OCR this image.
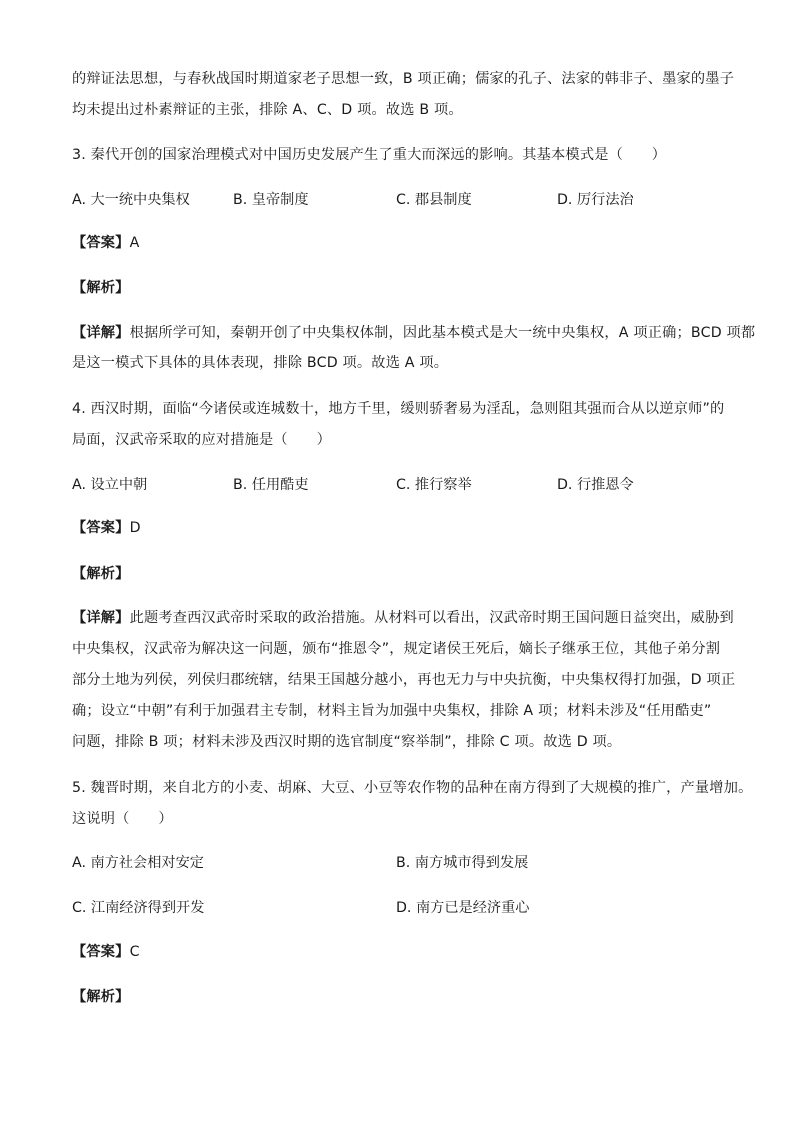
的辩证法思想，与春秋战国时期道家老子思想一致，B 项正确；儒家的孔子、法家的韩非子、墨家的墨子
均未提出过朴素辩证的主张，排除 A、C、D 项。故选 B 项。
3. 秦代开创的国家治理模式对中国历史发展产生了重大而深远的影响。其基本模式是（　　）
A. 大一统中央集权	B. 皇帝制度	C. 郡县制度	D. 厉行法治
【答案】A
【解析】
【详解】根据所学可知，秦朝开创了中央集权体制，因此基本模式是大一统中央集权，A 项正确；BCD 项都
是这一模式下具体的具体表现，排除 BCD 项。故选 A 项。
4. 西汉时期，面临“今诸侯或连城数十，地方千里，缓则骄奢易为淫乱，急则阻其强而合从以逆京师”的
局面，汉武帝采取的应对措施是（　　）
A. 设立中朝	B. 任用酷吏	C. 推行察举	D. 行推恩令
【答案】D
【解析】
【详解】此题考查西汉武帝时采取的政治措施。从材料可以看出，汉武帝时期王国问题日益突出，威胁到
中央集权，汉武帝为解决这一问题，颁布“推恩令”，规定诸侯王死后，嫡长子继承王位，其他子弟分割
部分土地为列侯，列侯归郡统辖，结果王国越分越小，再也无力与中央抗衡，中央集权得打加强，D 项正
确；设立“中朝”有利于加强君主专制，材料主旨为加强中央集权，排除 A 项；材料未涉及“任用酷吏”
问题，排除 B 项；材料未涉及西汉时期的选官制度“察举制”，排除 C 项。故选 D 项。
5. 魏晋时期，来自北方的小麦、胡麻、大豆、小豆等农作物的品种在南方得到了大规模的推广，产量增加。
这说明（　　）
A. 南方社会相对安定	B. 南方城市得到发展
C. 江南经济得到开发	D. 南方已是经济重心
【答案】C
【解析】
